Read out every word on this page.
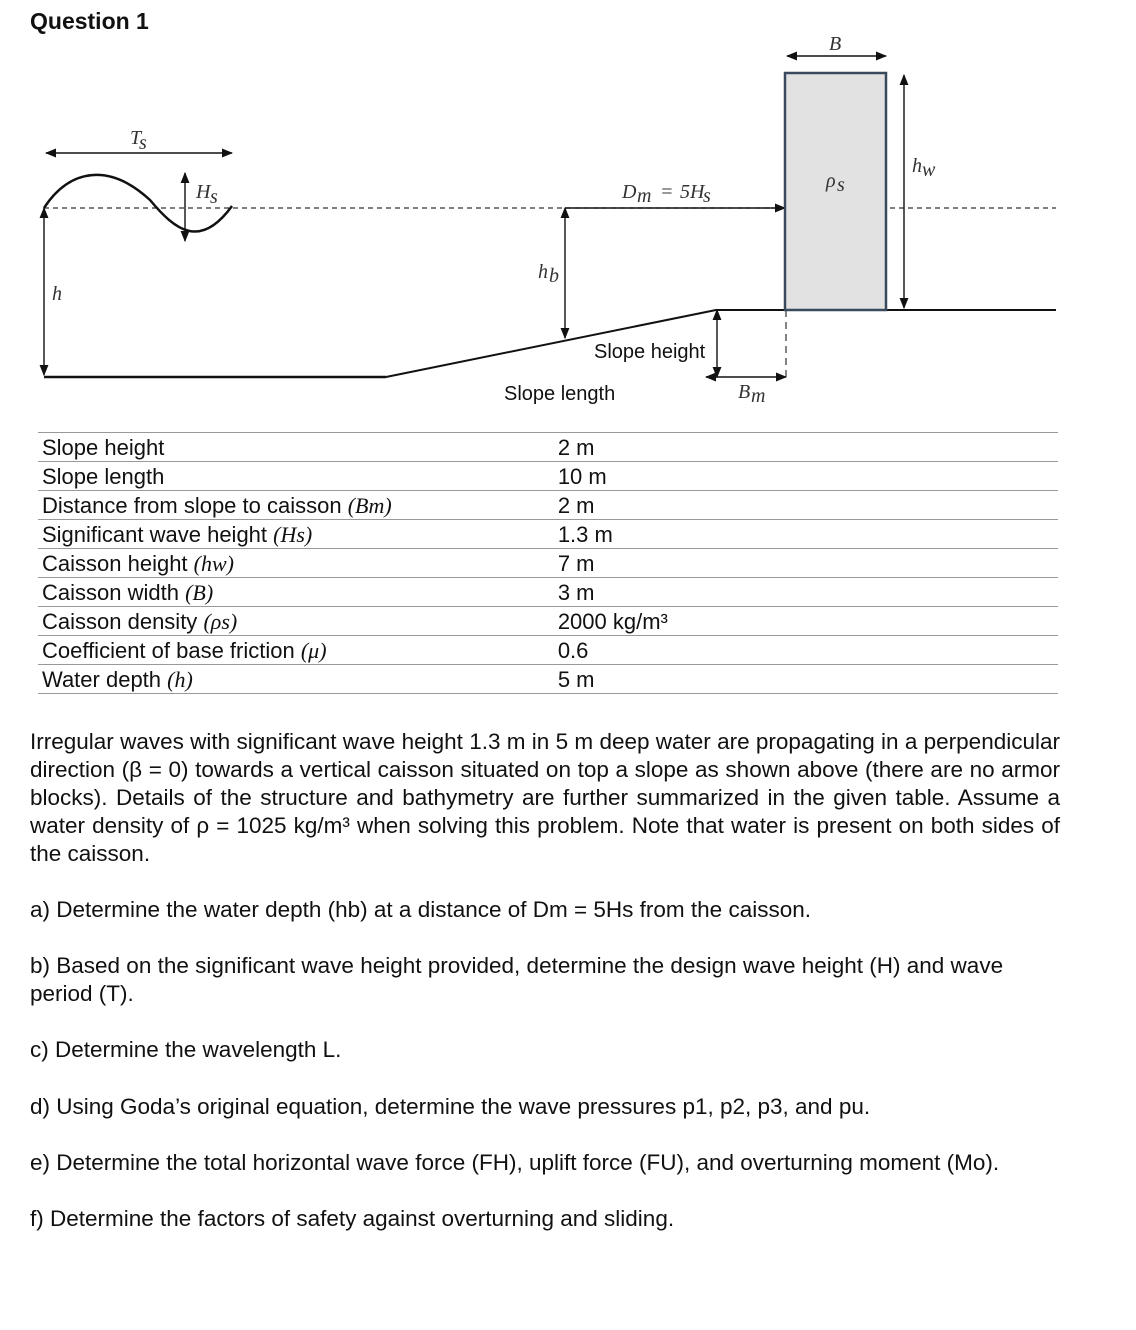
Question 1
T
s
H s
h
h b
D m = 5H
s
Slope height
Slope length	B m
ρ s
B
h w
Slope height	2 m
Slope length	10 m
Distance from slope to caisson (Bm)	2 m
Significant wave height (Hs)	1.3 m
Caisson height (hw)	7 m
Caisson width (B)	3 m
Caisson density (ρs)	2000 kg/m³
Coefficient of base friction (μ)	0.6
Water depth (h)	5 m
Irregular waves with significant wave height 1.3 m in 5 m deep water are propagating in a perpendicular direction (β = 0) towards a vertical caisson situated on top a slope as shown above (there are no armor blocks). Details of the structure and bathymetry are further summarized in the given table. Assume a water density of ρ = 1025 kg/m³ when solving this problem. Note that water is present on both sides of the caisson.
a) Determine the water depth (hb) at a distance of Dm = 5Hs from the caisson.
b) Based on the significant wave height provided, determine the design wave height (H) and wave period (T).
c) Determine the wavelength L.
d) Using Goda’s original equation, determine the wave pressures p1, p2, p3, and pu.
e) Determine the total horizontal wave force (FH), uplift force (FU), and overturning moment (Mo).
f) Determine the factors of safety against overturning and sliding.
